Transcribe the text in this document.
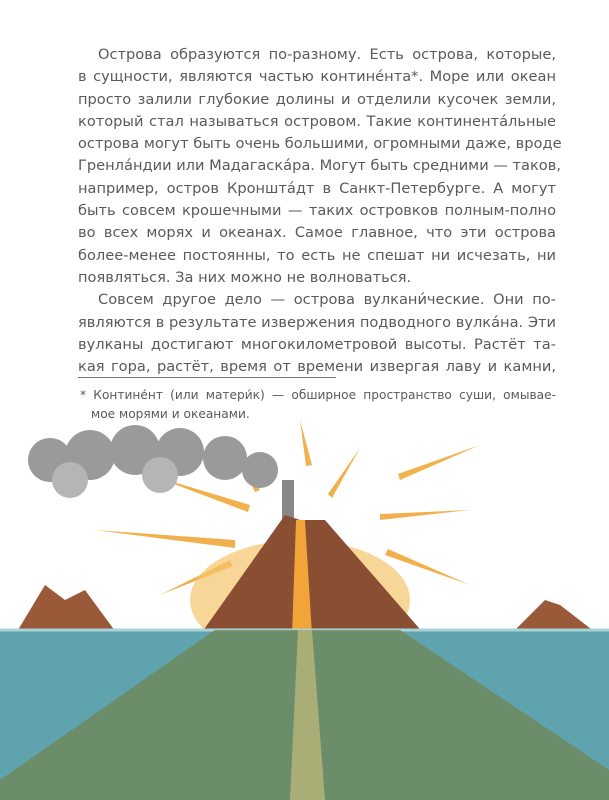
Острова образуются по-разному. Есть острова, которые,
в сущности, являются частью контине́нта*. Море или океан
просто залили глубокие долины и отделили кусочек земли,
который стал называться островом. Такие континента́льные
острова могут быть очень большими, огромными даже, вроде
Гренла́ндии или Мадагаска́ра. Могут быть средними — таков,
например, остров Кроншта́дт в Санкт-Петербурге. А могут
быть совсем крошечными — таких островков полным-полно
во всех морях и океанах. Самое главное, что эти острова
более-менее постоянны, то есть не спешат ни исчезать, ни
появляться. За них можно не волноваться.
Совсем другое дело — острова вулкани́ческие. Они по-
являются в результате извержения подводного вулка́на. Эти
вулканы достигают многокилометровой высоты. Растёт та-
кая гора, растёт, время от времени извергая лаву и камни,
* Контине́нт (или матери́к) — обширное пространство суши, омывае-
мое морями и океанами.
